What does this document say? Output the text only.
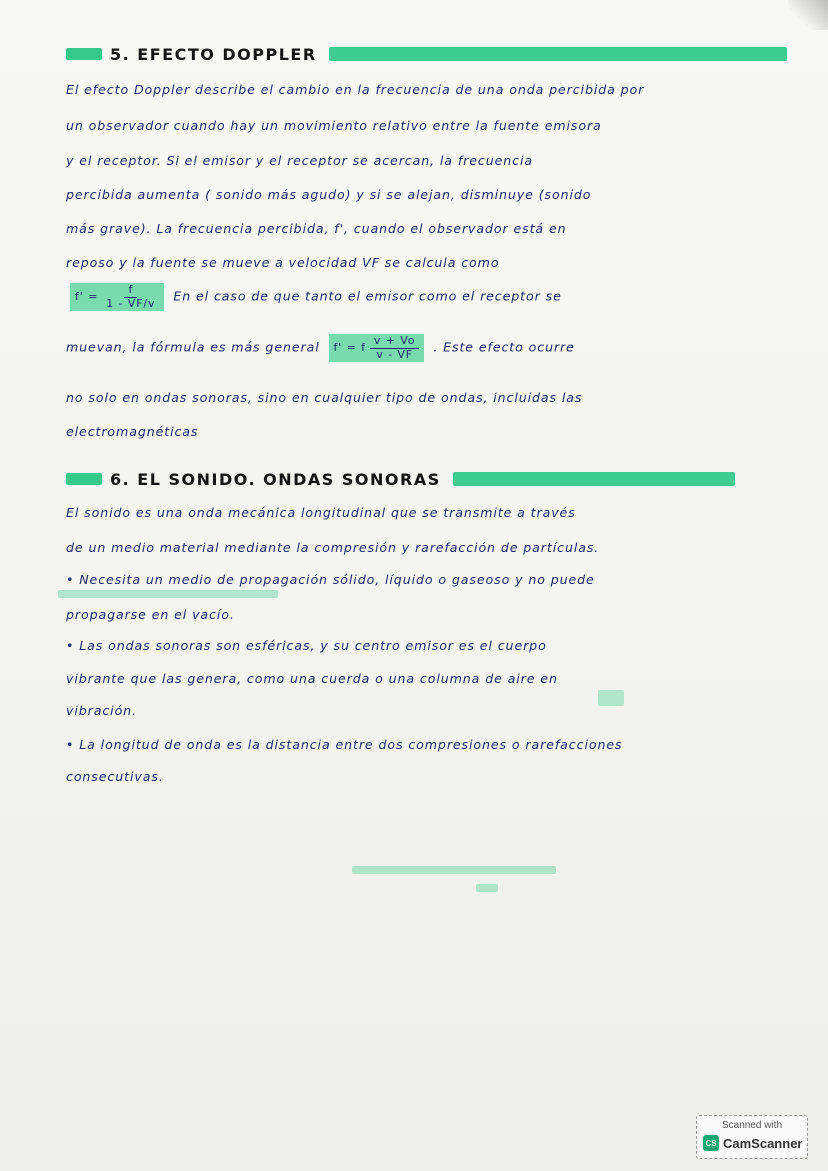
5. EFECTO DOPPLER
El efecto Doppler describe el cambio en la frecuencia de una onda percibida por
un observador cuando hay un movimiento relativo entre la fuente emisora
y el receptor. Si el emisor y el receptor se acercan, la frecuencia
percibida aumenta ( sonido más agudo) y si se alejan, disminuye (sonido
más grave). La frecuencia percibida, f', cuando el observador está en
reposo y la fuente se mueve a velocidad VF se calcula como
$f' = \frac{f}{1 - VF/v}$ En el caso de que tanto el emisor como el receptor se
muevan, la fórmula es más general f' = f $\frac{v + Vo}{v - VF}$ . Este efecto ocurre
no solo en ondas sonoras, sino en cualquier tipo de ondas, incluidas las
electromagnéticas
6. EL SONIDO. ONDAS SONORAS
El sonido es una onda mecánica longitudinal que se transmite a través
de un medio material mediante la compresión y rarefacción de partículas.
• Necesita un medio de propagación sólido, líquido o gaseoso y no puede
propagarse en el vacío.
• Las ondas sonoras son esféricas, y su centro emisor es el cuerpo
vibrante que las genera, como una cuerda o una columna de aire en
vibración.
• La longitud de onda es la distancia entre dos compresiones o rarefacciones
consecutivas.
Scanned with
CS CamScanner
